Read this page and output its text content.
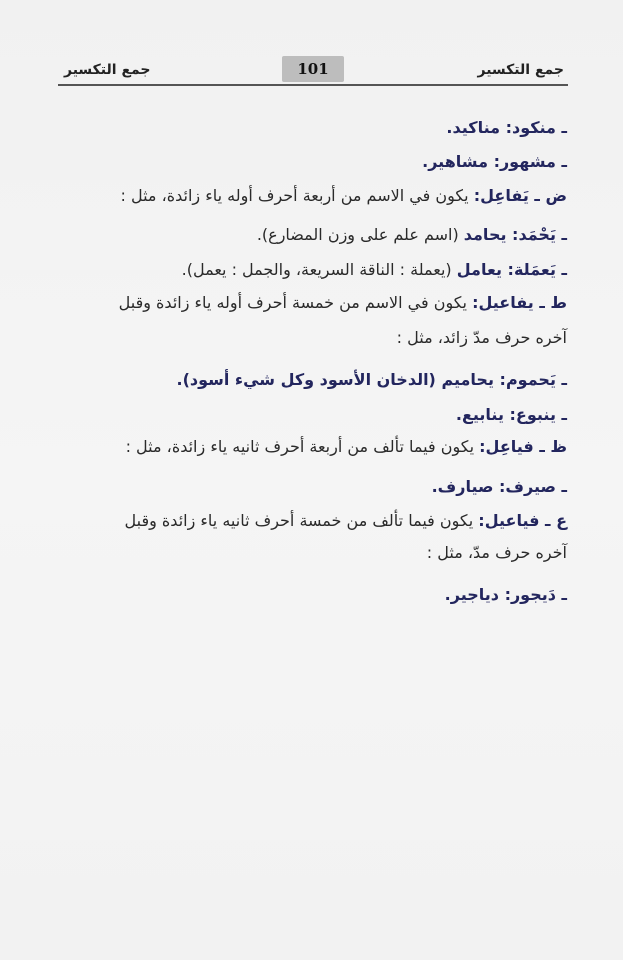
جمع التكسير	101	جمع التكسير
ـ منكود: مناكيد.
ـ مشهور: مشاهير.
ض ـ يَفاعِل: يكون في الاسم من أربعة أحرف أوله ياء زائدة، مثل :
ـ يَحْمَد: يحامد (اسم علم على وزن المضارع).
ـ يَعمَلة: يعامل (يعملة : الناقة السريعة، والجمل : يعمل).
ط ـ يفاعيل: يكون في الاسم من خمسة أحرف أوله ياء زائدة وقبل
آخره حرف مدّ زائد، مثل :
ـ يَحموم: يحاميم (الدخان الأسود وكل شيء أسود).
ـ ينبوع: ينابيع.
ظ ـ فياعِل: يكون فيما تألف من أربعة أحرف ثانيه ياء زائدة، مثل :
ـ صيرف: صيارف.
ع ـ فياعيل: يكون فيما تألف من خمسة أحرف ثانيه ياء زائدة وقبل
آخره حرف مدّ، مثل :
ـ دَيجور: دياجير.
